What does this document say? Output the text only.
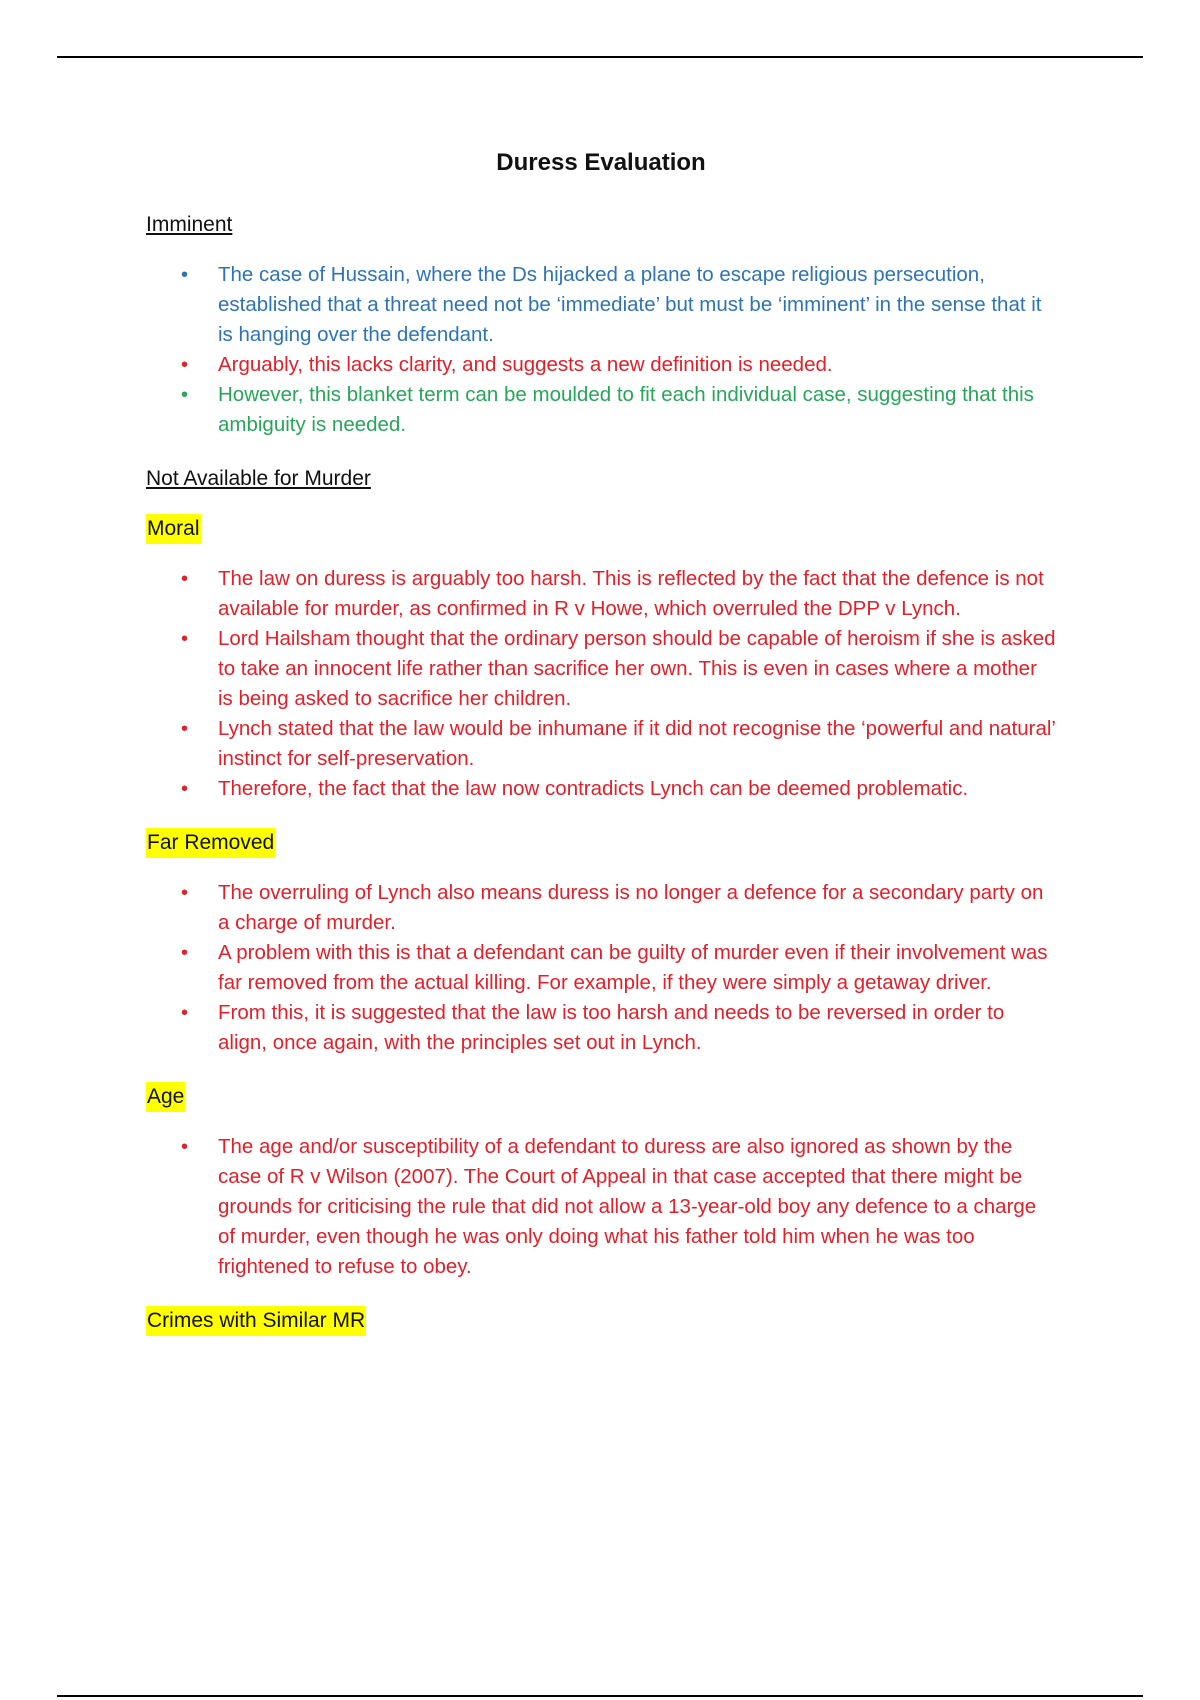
Duress Evaluation
Imminent
• The case of Hussain, where the Ds hijacked a plane to escape religious persecution, established that a threat need not be ‘immediate’ but must be ‘imminent’ in the sense that it is hanging over the defendant.
• Arguably, this lacks clarity, and suggests a new definition is needed.
• However, this blanket term can be moulded to fit each individual case, suggesting that this ambiguity is needed.
Not Available for Murder
Moral
• The law on duress is arguably too harsh. This is reflected by the fact that the defence is not available for murder, as confirmed in R v Howe, which overruled the DPP v Lynch.
• Lord Hailsham thought that the ordinary person should be capable of heroism if she is asked to take an innocent life rather than sacrifice her own. This is even in cases where a mother is being asked to sacrifice her children.
• Lynch stated that the law would be inhumane if it did not recognise the ‘powerful and natural’ instinct for self-preservation.
• Therefore, the fact that the law now contradicts Lynch can be deemed problematic.
Far Removed
• The overruling of Lynch also means duress is no longer a defence for a secondary party on a charge of murder.
• A problem with this is that a defendant can be guilty of murder even if their involvement was far removed from the actual killing. For example, if they were simply a getaway driver.
• From this, it is suggested that the law is too harsh and needs to be reversed in order to align, once again, with the principles set out in Lynch.
Age
• The age and/or susceptibility of a defendant to duress are also ignored as shown by the case of R v Wilson (2007). The Court of Appeal in that case accepted that there might be grounds for criticising the rule that did not allow a 13-year-old boy any defence to a charge of murder, even though he was only doing what his father told him when he was too frightened to refuse to obey.
Crimes with Similar MR
